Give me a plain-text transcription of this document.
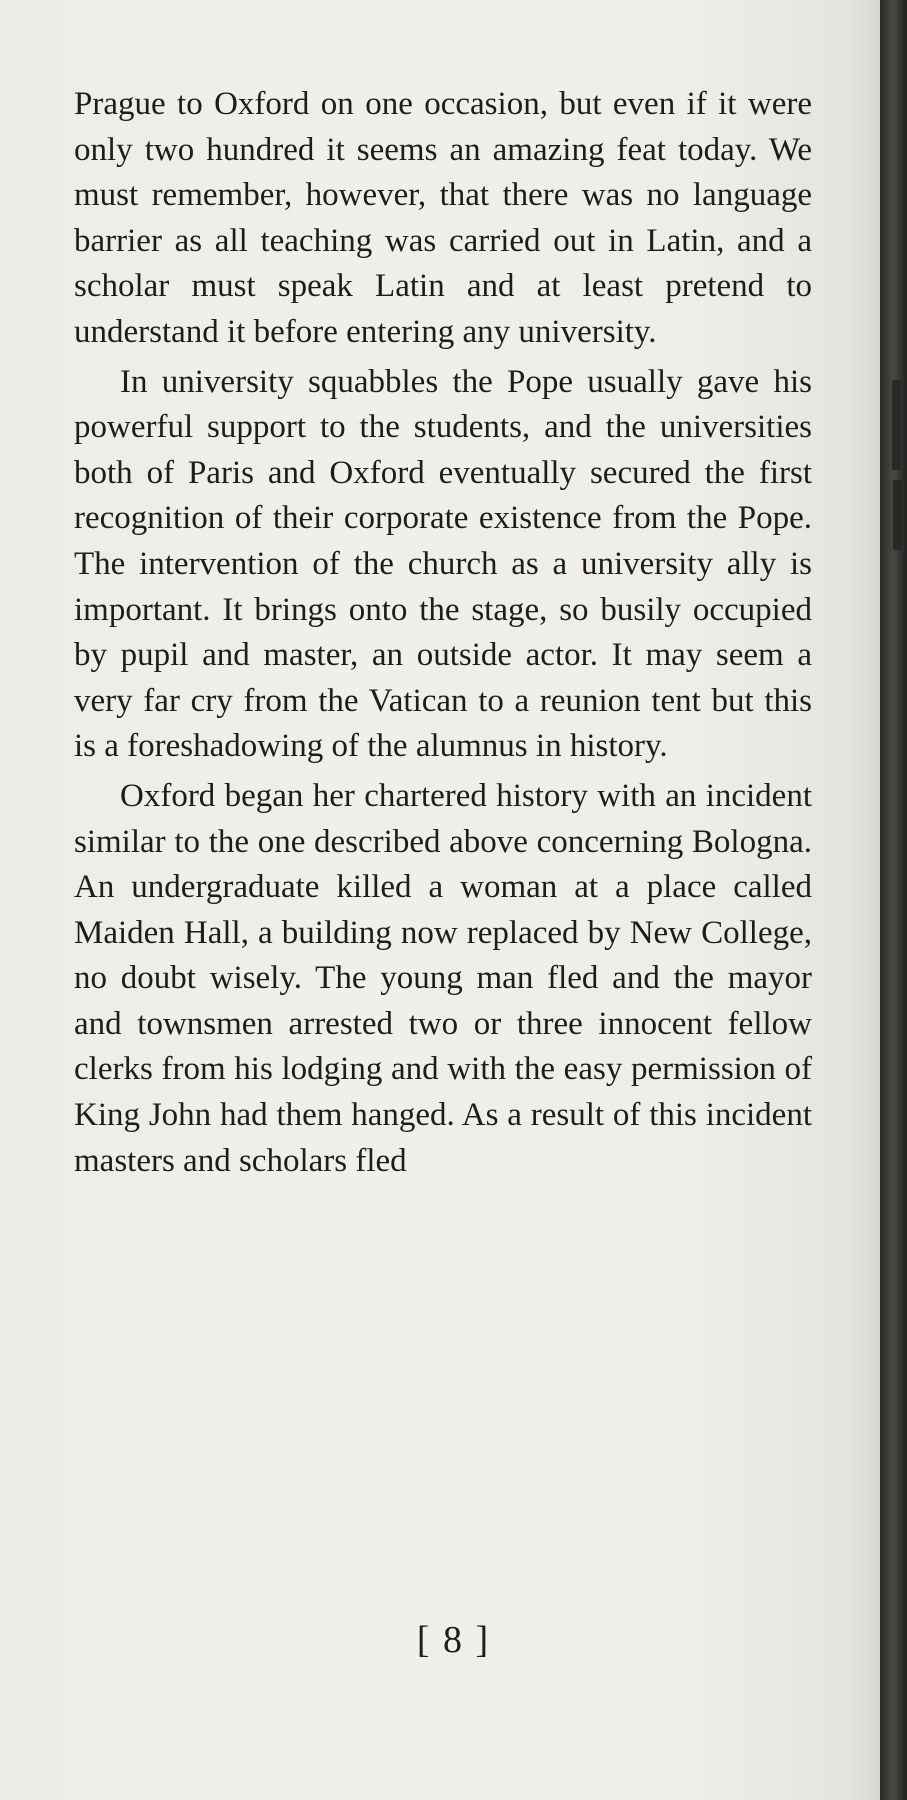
Prague to Oxford on one occasion, but even if it were only two hundred it seems an amazing feat today. We must remember, however, that there was no language barrier as all teaching was carried out in Latin, and a scholar must speak Latin and at least pretend to understand it before entering any university.

In university squabbles the Pope usually gave his powerful support to the students, and the universities both of Paris and Oxford eventually secured the first recognition of their corporate existence from the Pope. The intervention of the church as a university ally is important. It brings onto the stage, so busily occupied by pupil and master, an outside actor. It may seem a very far cry from the Vatican to a reunion tent but this is a foreshadowing of the alumnus in history.

Oxford began her chartered history with an incident similar to the one described above concerning Bologna. An undergraduate killed a woman at a place called Maiden Hall, a building now replaced by New College, no doubt wisely. The young man fled and the mayor and townsmen arrested two or three innocent fellow clerks from his lodging and with the easy permission of King John had them hanged. As a result of this incident masters and scholars fled

[ 8 ]
